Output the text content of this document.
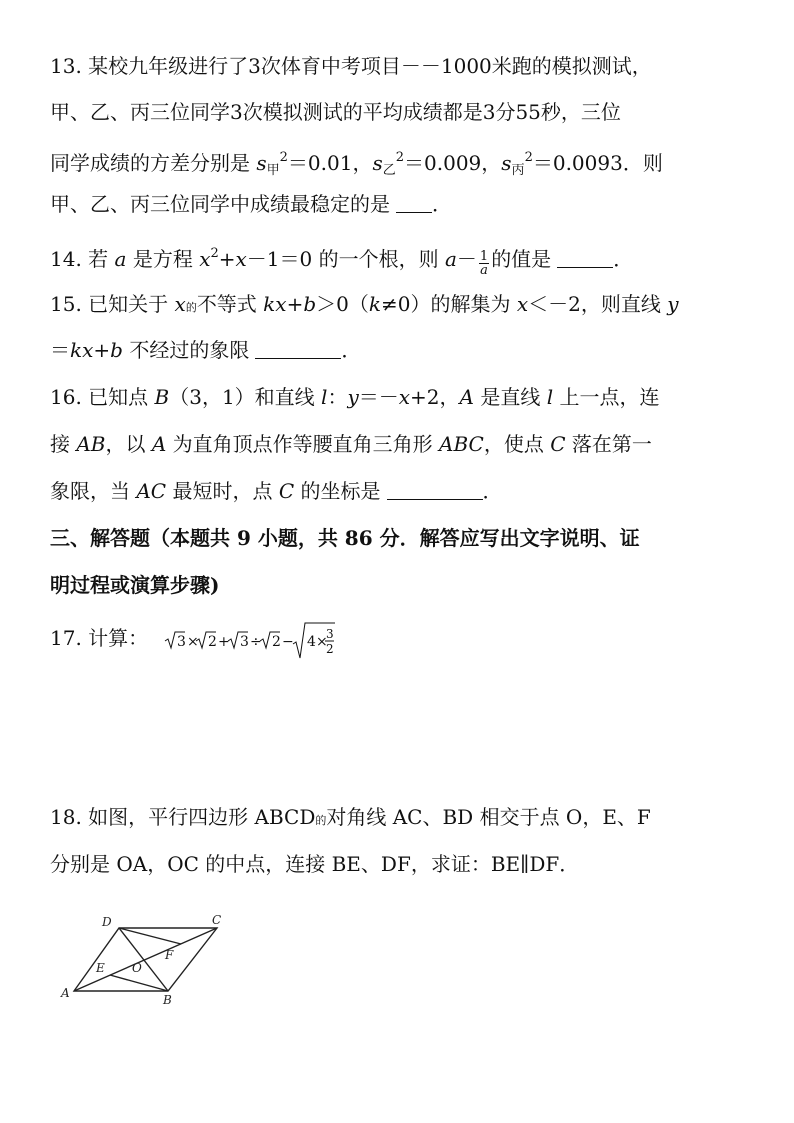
13. 某校九年级进行了3次体育中考项目－－1000米跑的模拟测试，
甲、乙、丙三位同学3次模拟测试的平均成绩都是3分55秒，三位
同学成绩的方差分别是 $s_甲^2=0.01$，$s_乙^2=0.009$，$s_丙^2=0.0093$．则
甲、乙、丙三位同学中成绩最稳定的是 ．
14. 若 a 是方程 $x^2+x-1=0$ 的一个根，则 $a- \frac{1}{a}$ 的值是	．
15. 已知关于 x的不等式 kx+b＞0（k≠0）的解集为 x＜－2，则直线 y
＝kx+b 不经过的象限	．
16. 已知点 B（3，1）和直线 l：y＝－x+2，A 是直线 l 上一点，连
接 AB，以 A 为直角顶点作等腰直角三角形 ABC，使点 C 落在第一
象限，当 AC 最短时，点 C 的坐标是	．
三、解答题（本题共 9 小题，共 86 分．解答应写出文字说明、证
明过程或演算步骤)
17. 计算：	3 × 2 + 3 ÷ 2 − 4 ×
3
2
18. 如图，平行四边形 ABCD的对角线 AC、BD 相交于点 O，E、F
分别是 OA，OC 的中点，连接 BE、DF，求证：BE∥DF．
A	B
C
D
E
F
O
